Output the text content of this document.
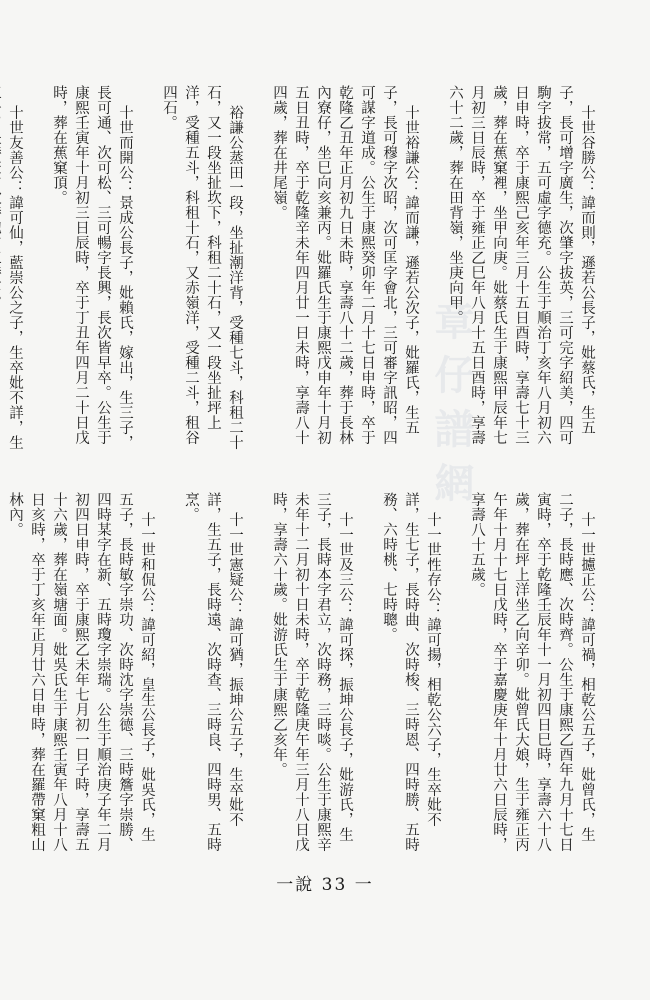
十世谷勝公：諱而則，遜若公長子，妣蔡氏，生五子，長可增字廣生，次肇字拔英，三可完字紹美，四可駒字拔常，五可虛字德充。公生于順治丁亥年八月初六日申時，卒于康熙己亥年三月十五日酉時，享壽七十三歲，葬在蕉窠裡，坐甲向庚。妣蔡氏生于康熙甲辰年七月初三日辰時，卒于雍正乙巳年八月十五日酉時，享壽六十二歲，葬在田背嶺，坐庚向甲。

十世裕謙公：諱而謙，遜若公次子，妣羅氏，生五子，長可穆字次昭，次可匡字會北，三可審字訊昭，四可謀字道成。公生于康熙癸卯年二月十七日申時，卒于乾隆乙丑年正月初九日未時，享壽八十二歲，葬于長林內寮仔，坐巳向亥兼丙。妣羅氏生于康熙戊申年十月初五日丑時，卒于乾隆辛未年四月廿一日未時，享壽八十四歲，葬在井尾嶺。

裕謙公蒸田一段，坐扯潮洋背，受種七斗，科租二十石，又一段坐扯坎下，科租二十石，又一段坐扯坪上洋，受種五斗，科租十石，又赤嶺洋，受種二斗，租谷四石。

十世而開公：景成公長子，妣賴氏，嫁出，生三子，長可通、次可松、三可暢字長興，長次皆早卒。公生于康熙壬寅年十月初三日辰時，卒于丁丑年四月二十日戊時，葬在蕉窠頂。

十世友善公：諱可仙，藍崇公之子，生卒妣不詳，生

十一世攄正公：諱可禍，相乾公五子，妣曾氏，生二子，長時應、次時齊。公生于康熙乙酉年九月十七日寅時，卒于乾隆壬辰年十一月初四日巳時，享壽六十八歲，葬在坪上洋坐乙向辛卯。妣曾氏大娘，生于雍正丙午年十月十七日戊時，卒于嘉慶庚年十月廿六日辰時，享壽八十五歲。

十一世性存公：諱可揚，相乾公六子，生卒妣不詳，生七子，長時曲、次時梭、三時恩、四時勝、五時務、六時桃、七時聰。

十一世及三公：諱可探，振坤公長子，妣游氏，生三子，長時本字君立，次時務，三時啖。公生于康熙辛未年十二月初十日未時，卒于乾隆庚午年三月十八日戊時，享壽六十歲。妣游氏生于康熙乙亥年。

十一世憲疑公：諱可猶，振坤公五子，生卒妣不詳，生五子，長時遠、次時查、三時良、四時男、五時烹。

十一世和侃公：諱可紹，皇生公長子，妣吳氏，生五子，長時敏字崇功、次時沈字崇德、三時簷字崇勝、四時某字在新、五時瓊字崇瑞。公生于順治庚子年二月初四日申時，卒于康熙乙未年七月初一日子時，享壽五十六歲，葬在嶺塘面。妣吳氏生于康熙壬寅年八月十八日亥時，卒于丁亥年正月廿六日申時，葬在羅帶窠粗山林內。

章 仔 譜 網
一說 33 一
